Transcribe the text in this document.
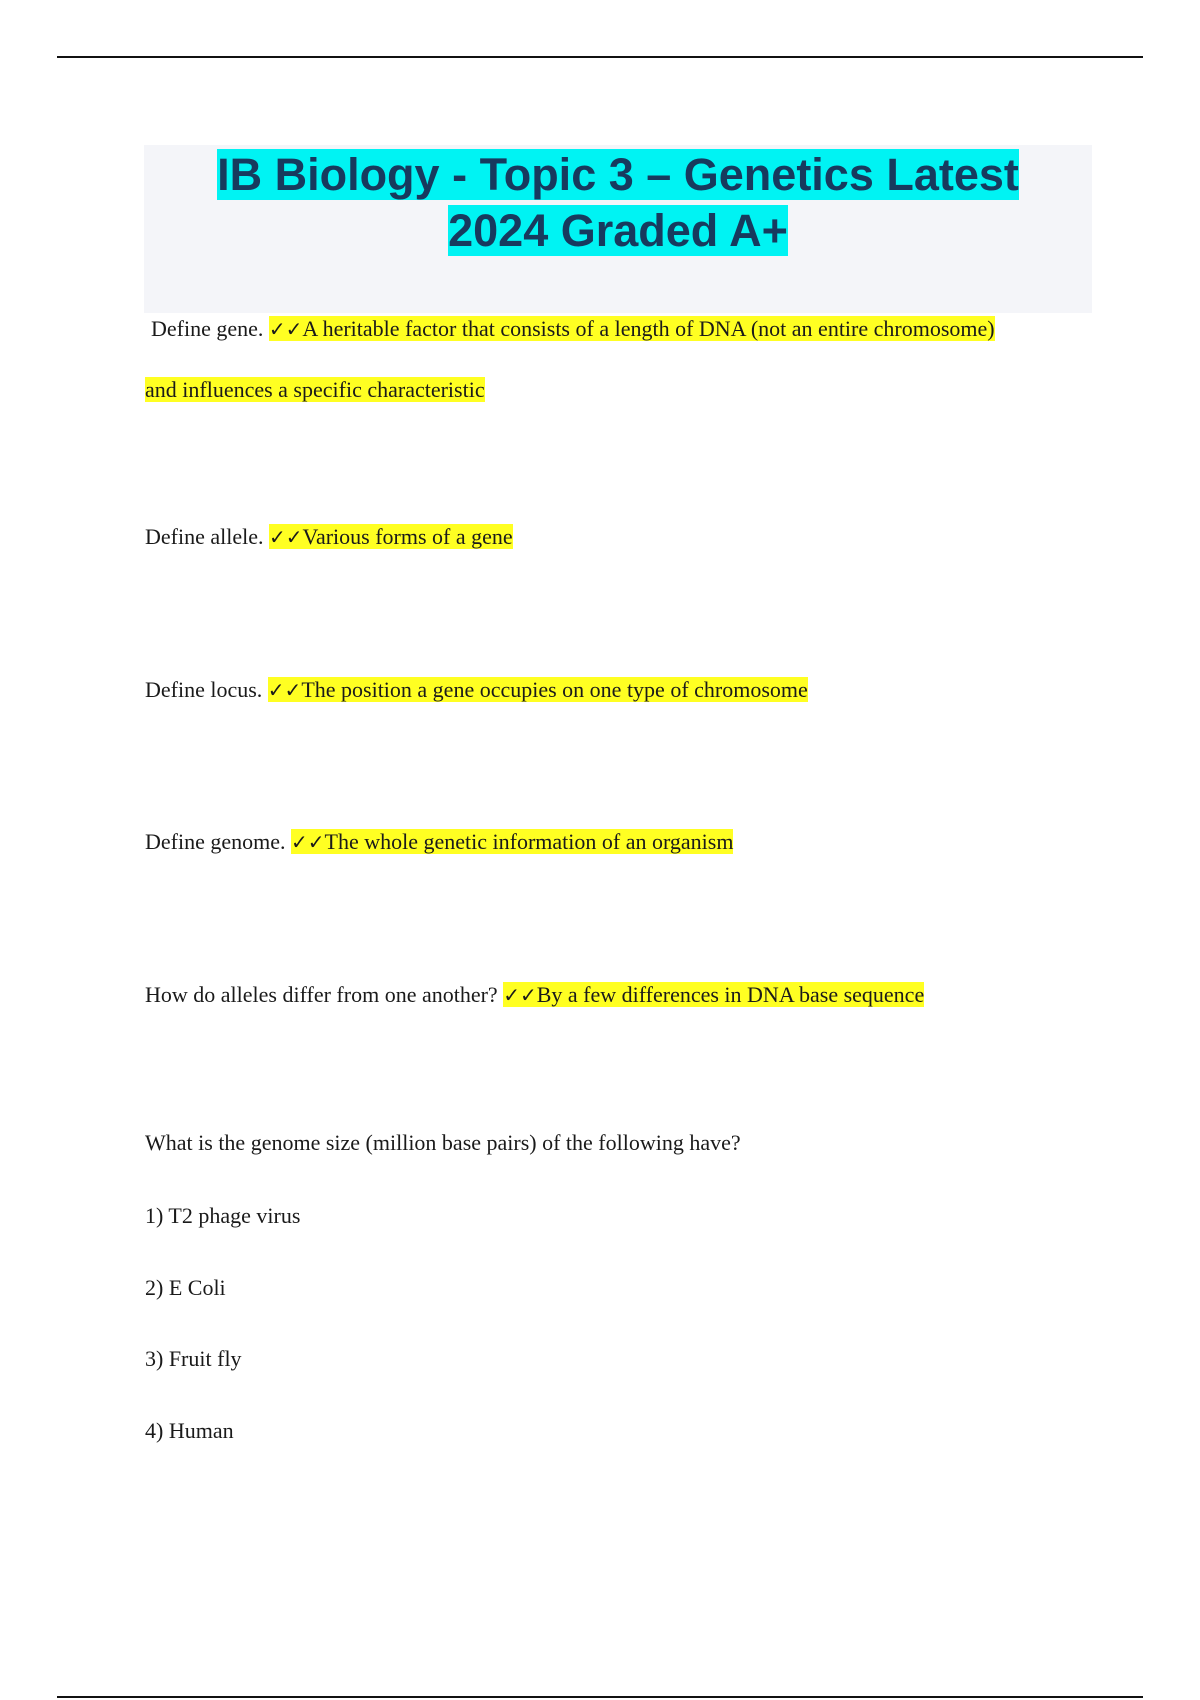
IB Biology - Topic 3 – Genetics Latest
2024 Graded A+
Define gene. ✓✓A heritable factor that consists of a length of DNA (not an entire chromosome)
and influences a specific characteristic
Define allele. ✓✓Various forms of a gene
Define locus. ✓✓The position a gene occupies on one type of chromosome
Define genome. ✓✓The whole genetic information of an organism
How do alleles differ from one another? ✓✓By a few differences in DNA base sequence
What is the genome size (million base pairs) of the following have?
1) T2 phage virus
2) E Coli
3) Fruit fly
4) Human
